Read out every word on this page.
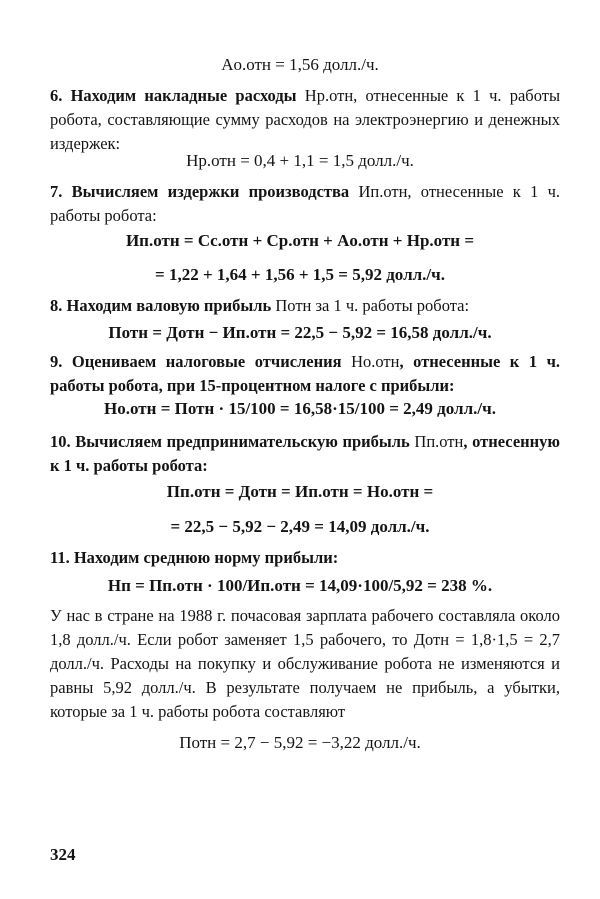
Aо.отн = 1,56 долл./ч.
6. Находим накладные расходы Нр.отн, отнесенные к 1 ч. работы робота, составляющие сумму расходов на электроэнергию и денежных издержек:
Нр.отн = 0,4 + 1,1 = 1,5 долл./ч.
7. Вычисляем издержки производства Ип.отн, отнесенные к 1 ч. работы робота:
Ип.отн = Cс.отн + Cр.отн + Aо.отн + Нр.отн =
= 1,22 + 1,64 + 1,56 + 1,5 = 5,92 долл./ч.
8. Находим валовую прибыль Потн за 1 ч. работы робота:
Потн = Дотн − Ип.отн = 22,5 − 5,92 = 16,58 долл./ч.
9. Оцениваем налоговые отчисления Но.отн, отнесенные к 1 ч. работы робота, при 15-процентном налоге с прибыли:
Но.отн = Потн · 15/100 = 16,58·15/100 = 2,49 долл./ч.
10. Вычисляем предпринимательскую прибыль Пп.отн, отнесенную к 1 ч. работы робота:
Пп.отн = Дотн = Ип.отн = Но.отн =
= 22,5 − 5,92 − 2,49 = 14,09 долл./ч.
11. Находим среднюю норму прибыли:
Нп = Пп.отн · 100/Ип.отн = 14,09·100/5,92 = 238 %.
У нас в стране на 1988 г. почасовая зарплата рабочего составляла около 1,8 долл./ч. Если робот заменяет 1,5 рабочего, то Дотн = 1,8·1,5 = 2,7 долл./ч. Расходы на покупку и обслуживание робота не изменяются и равны 5,92 долл./ч. В результате получаем не прибыль, а убытки, которые за 1 ч. работы робота составляют
Потн = 2,7 − 5,92 = −3,22 долл./ч.
324
